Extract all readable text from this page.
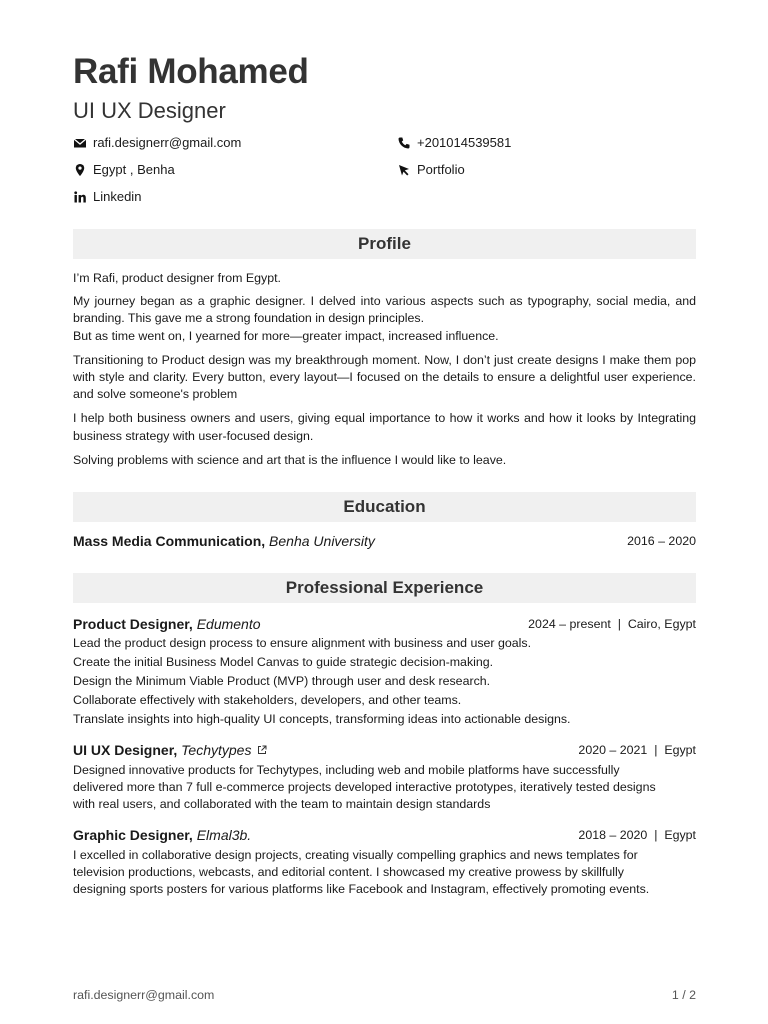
Rafi Mohamed
UI UX Designer
rafi.designerr@gmail.com	+201014539581
Egypt , Benha	Portfolio
Linkedin
Profile
I’m Rafi, product designer from Egypt.
My journey began as a graphic designer. I delved into various aspects such as typography, social media, and branding. This gave me a strong foundation in design principles.
But as time went on, I yearned for more—greater impact, increased influence.
Transitioning to Product design was my breakthrough moment. Now, I don’t just create designs I make them pop with style and clarity. Every button, every layout—I focused on the details to ensure a delightful user experience. and solve someone's problem
I help both business owners and users, giving equal importance to how it works and how it looks by Integrating business strategy with user-focused design.
Solving problems with science and art that is the influence I would like to leave.
Education
Mass Media Communication, Benha University	2016 – 2020
Professional Experience
Product Designer, Edumento	2024 – present  |  Cairo, Egypt
Lead the product design process to ensure alignment with business and user goals.
Create the initial Business Model Canvas to guide strategic decision-making.
Design the Minimum Viable Product (MVP) through user and desk research.
Collaborate effectively with stakeholders, developers, and other teams.
Translate insights into high-quality UI concepts, transforming ideas into actionable designs.
UI UX Designer, Techytypes	2020 – 2021  |  Egypt
Designed innovative products for Techytypes, including web and mobile platforms have successfully
delivered more than 7 full e-commerce projects developed interactive prototypes, iteratively tested designs
with real users, and collaborated with the team to maintain design standards
Graphic Designer, Elmal3b.	2018 – 2020  |  Egypt
I excelled in collaborative design projects, creating visually compelling graphics and news templates for
television productions, webcasts, and editorial content. I showcased my creative prowess by skillfully
designing sports posters for various platforms like Facebook and Instagram, effectively promoting events.
rafi.designerr@gmail.com	1 / 2
